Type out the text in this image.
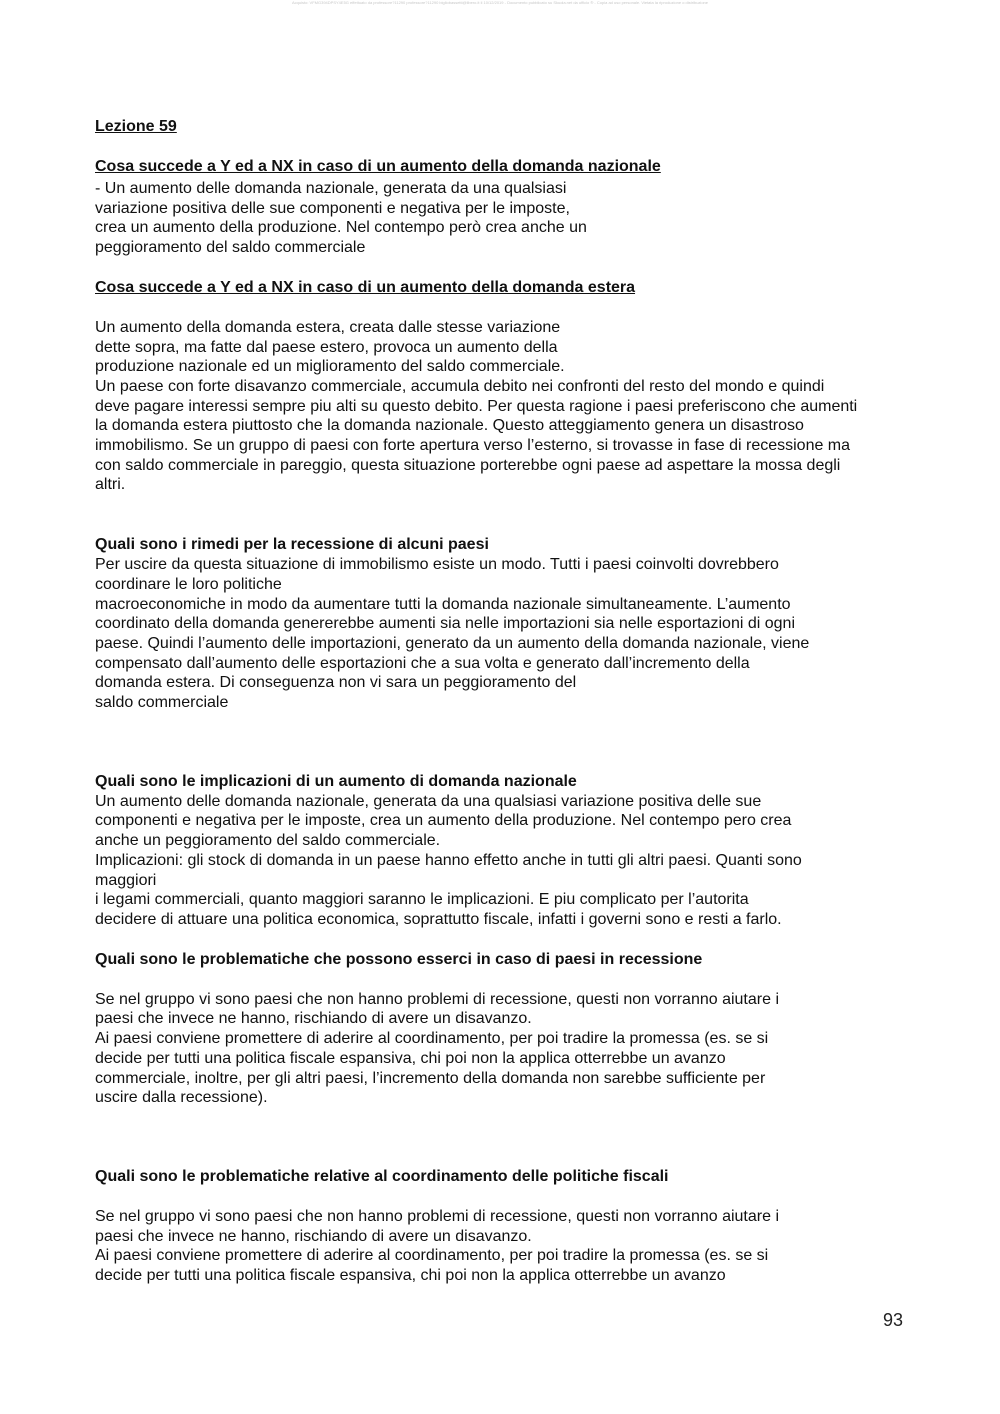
Acquisto: VFMG394DPSY4E5G effettuato da professore?11290 professore?11290 bigliobassetti@libero.it il 10/12/2019 - Documento pubblicato su Skuola.net da ufficio ® - Copia ad uso personale. Vietata la riproduzione o distribuzione

Lezione 59

Cosa succede a Y ed a NX in caso di un aumento della domanda nazionale

- Un aumento delle domanda nazionale, generata da una qualsiasi

variazione positiva delle sue componenti e negativa per le imposte,

crea un aumento della produzione. Nel contempo però crea anche un

peggioramento del saldo commerciale

Cosa succede a Y ed a NX in caso di un aumento della domanda estera

Un aumento della domanda estera, creata dalle stesse variazione

dette sopra, ma fatte dal paese estero, provoca un aumento della

produzione nazionale ed un miglioramento del saldo commerciale.

Un paese con forte disavanzo commerciale, accumula debito nei confronti del resto del mondo e quindi

deve pagare interessi sempre piu alti su questo debito. Per questa ragione i paesi preferiscono che aumenti

la domanda estera piuttosto che la domanda nazionale. Questo atteggiamento genera un disastroso

immobilismo. Se un gruppo di paesi con forte apertura verso l’esterno, si trovasse in fase di recessione ma

con saldo commerciale in pareggio, questa situazione porterebbe ogni paese ad aspettare la mossa degli

altri.

Quali sono i rimedi per la recessione di alcuni paesi

Per uscire da questa situazione di immobilismo esiste un modo. Tutti i paesi coinvolti dovrebbero

coordinare le loro politiche

macroeconomiche in modo da aumentare tutti la domanda nazionale simultaneamente. L’aumento

coordinato della domanda genererebbe aumenti sia nelle importazioni sia nelle esportazioni di ogni

paese. Quindi l’aumento delle importazioni, generato da un aumento della domanda nazionale, viene

compensato dall’aumento delle esportazioni che a sua volta e generato dall’incremento della

domanda estera. Di conseguenza non vi sara un peggioramento del

saldo commerciale

Quali sono le implicazioni di un aumento di domanda nazionale

Un aumento delle domanda nazionale, generata da una qualsiasi variazione positiva delle sue

componenti e negativa per le imposte, crea un aumento della produzione. Nel contempo pero crea

anche un peggioramento del saldo commerciale.

Implicazioni: gli stock di domanda in un paese hanno effetto anche in tutti gli altri paesi. Quanti sono

maggiori

i legami commerciali, quanto maggiori saranno le implicazioni. E piu complicato per l’autorita

decidere di attuare una politica economica, soprattutto fiscale, infatti i governi sono e resti a farlo.

Quali sono le problematiche che possono esserci in caso di paesi in recessione

Se nel gruppo vi sono paesi che non hanno problemi di recessione, questi non vorranno aiutare i

paesi che invece ne hanno, rischiando di avere un disavanzo.

Ai paesi conviene promettere di aderire al coordinamento, per poi tradire la promessa (es. se si

decide per tutti una politica fiscale espansiva, chi poi non la applica otterrebbe un avanzo

commerciale, inoltre, per gli altri paesi, l’incremento della domanda non sarebbe sufficiente per

uscire dalla recessione).

Quali sono le problematiche relative al coordinamento delle politiche fiscali

Se nel gruppo vi sono paesi che non hanno problemi di recessione, questi non vorranno aiutare i

paesi che invece ne hanno, rischiando di avere un disavanzo.

Ai paesi conviene promettere di aderire al coordinamento, per poi tradire la promessa (es. se si

decide per tutti una politica fiscale espansiva, chi poi non la applica otterrebbe un avanzo

93
